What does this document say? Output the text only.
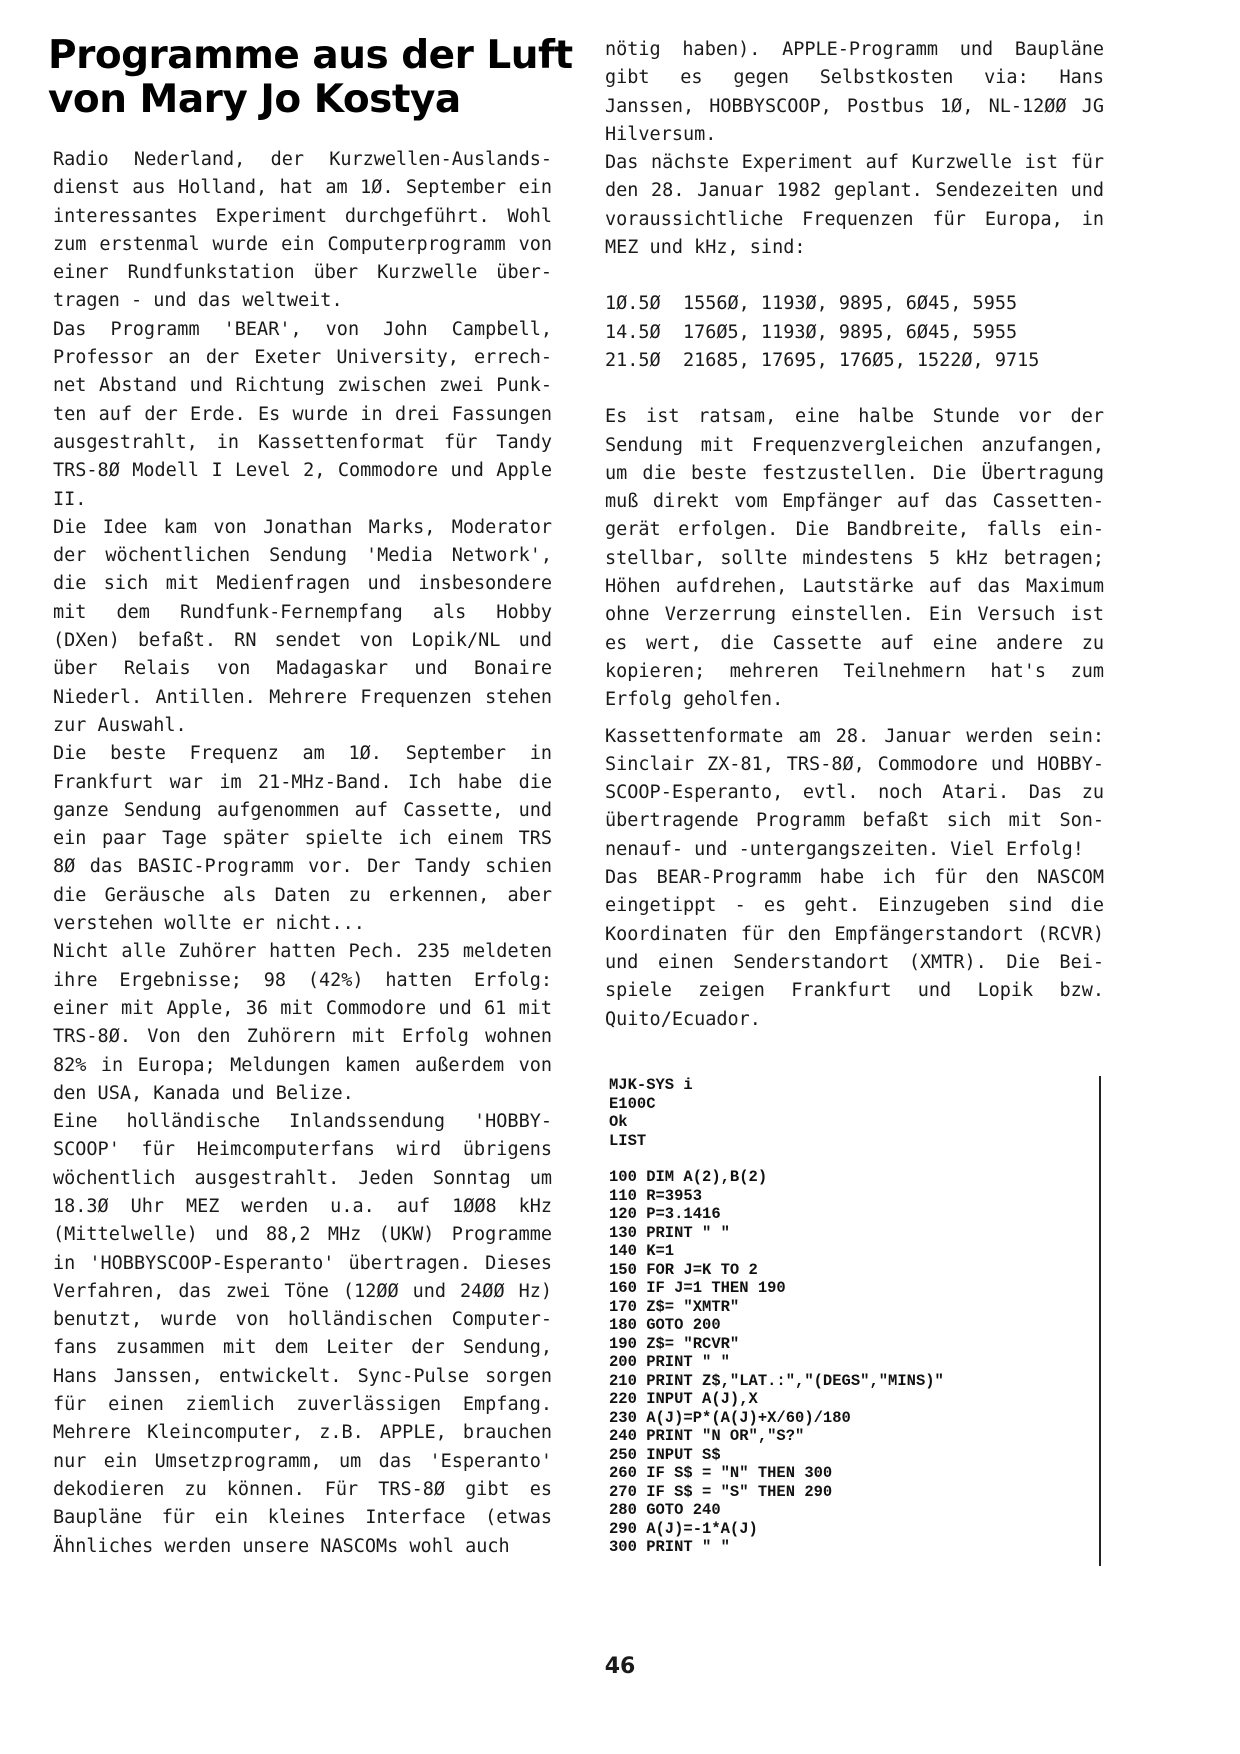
Programme aus der Luft
von Mary Jo Kostya

Radio Nederland, der Kurzwellen-Auslandsdienst aus Holland, hat am 1Ø. September ein interessantes Experiment durchgeführt. Wohl zum erstenmal wurde ein Computerprogramm von einer Rundfunkstation über Kurzwelle übertragen - und das weltweit.

Das Programm 'BEAR', von John Campbell, Professor an der Exeter University, errechnet Abstand und Richtung zwischen zwei Punkten auf der Erde. Es wurde in drei Fassungen ausgestrahlt, in Kassettenformat für Tandy TRS-8Ø Modell I Level 2, Commodore und Apple II.

Die Idee kam von Jonathan Marks, Moderator der wöchentlichen Sendung 'Media Network', die sich mit Medienfragen und insbesondere mit dem Rundfunk-Fernempfang als Hobby (DXen) befaßt. RN sendet von Lopik/NL und über Relais von Madagaskar und Bonaire Niederl. Antillen. Mehrere Frequenzen stehen zur Auswahl.

Die beste Frequenz am 1Ø. September in Frankfurt war im 21-MHz-Band. Ich habe die ganze Sendung aufgenommen auf Cassette, und ein paar Tage später spielte ich einem TRS 8Ø das BASIC-Programm vor. Der Tandy schien die Geräusche als Daten zu erkennen, aber verstehen wollte er nicht...

Nicht alle Zuhörer hatten Pech. 235 meldeten ihre Ergebnisse; 98 (42%) hatten Erfolg: einer mit Apple, 36 mit Commodore und 61 mit TRS-8Ø. Von den Zuhörern mit Erfolg wohnen 82% in Europa; Meldungen kamen außerdem von den USA, Kanada und Belize.

Eine holländische Inlandssendung 'HOBBY-SCOOP' für Heimcomputerfans wird übrigens wöchentlich ausgestrahlt. Jeden Sonntag um 18.3Ø Uhr MEZ werden u.a. auf 1ØØ8 kHz (Mittelwelle) und 88,2 MHz (UKW) Programme in 'HOBBYSCOOP-Esperanto' übertragen. Dieses Verfahren, das zwei Töne (12ØØ und 24ØØ Hz) benutzt, wurde von holländischen Computerfans zusammen mit dem Leiter der Sendung, Hans Janssen, entwickelt. Sync-Pulse sorgen für einen ziemlich zuverlässigen Empfang. Mehrere Kleincomputer, z.B. APPLE, brauchen nur ein Umsetzprogramm, um das 'Esperanto' dekodieren zu können. Für TRS-8Ø gibt es Baupläne für ein kleines Interface (etwas Ähnliches werden unsere NASCOMs wohl auch

nötig haben). APPLE-Programm und Baupläne gibt es gegen Selbstkosten via: Hans Janssen, HOBBYSCOOP, Postbus 1Ø, NL-12ØØ JG Hilversum.

Das nächste Experiment auf Kurzwelle ist für den 28. Januar 1982 geplant. Sendezeiten und voraussichtliche Frequenzen für Europa, in MEZ und kHz, sind:

1Ø.5Ø  1556Ø, 1193Ø, 9895, 6Ø45, 5955

14.5Ø  176Ø5, 1193Ø, 9895, 6Ø45, 5955

21.5Ø  21685, 17695, 176Ø5, 1522Ø, 9715

Es ist ratsam, eine halbe Stunde vor der Sendung mit Frequenzvergleichen anzufangen, um die beste festzustellen. Die Übertragung muß direkt vom Empfänger auf das Cassettengerät erfolgen. Die Bandbreite, falls einstellbar, sollte mindestens 5 kHz betragen; Höhen aufdrehen, Lautstärke auf das Maximum ohne Verzerrung einstellen. Ein Versuch ist es wert, die Cassette auf eine andere zu kopieren; mehreren Teilnehmern hat's zum Erfolg geholfen.

Kassettenformate am 28. Januar werden sein: Sinclair ZX-81, TRS-8Ø, Commodore und HOBBY-SCOOP-Esperanto, evtl. noch Atari. Das zu übertragende Programm befaßt sich mit Sonnenauf- und -untergangszeiten. Viel Erfolg!

Das BEAR-Programm habe ich für den NASCOM eingetippt - es geht. Einzugeben sind die Koordinaten für den Empfängerstandort (RCVR) und einen Senderstandort (XMTR). Die Beispiele zeigen Frankfurt und Lopik bzw. Quito/Ecuador.

MJK-SYS i

E100C

Ok

LIST

100 DIM A(2),B(2)

110 R=3953

120 P=3.1416

130 PRINT " "

140 K=1

150 FOR J=K TO 2

160 IF J=1 THEN 190

170 Z$= "XMTR"

180 GOTO 200

190 Z$= "RCVR"

200 PRINT " "

210 PRINT Z$,"LAT.:","(DEGS","MINS)"

220 INPUT A(J),X

230 A(J)=P*(A(J)+X/60)/180

240 PRINT "N OR","S?"

250 INPUT S$

260 IF S$ = "N" THEN 300

270 IF S$ = "S" THEN 290

280 GOTO 240

290 A(J)=-1*A(J)

300 PRINT " "

46
